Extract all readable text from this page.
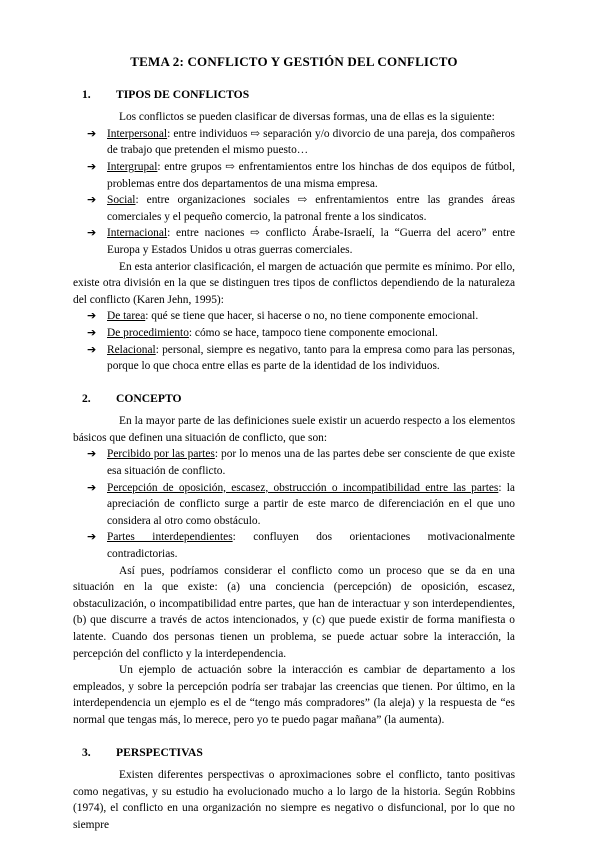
TEMA 2: CONFLICTO Y GESTIÓN DEL CONFLICTO
1.	TIPOS DE CONFLICTOS

Los conflictos se pueden clasificar de diversas formas, una de ellas es la siguiente:

➔ Interpersonal: entre individuos ⇨ separación y/o divorcio de una pareja, dos compañeros de trabajo que pretenden el mismo puesto…
➔ Intergrupal: entre grupos ⇨ enfrentamientos entre los hinchas de dos equipos de fútbol, problemas entre dos departamentos de una misma empresa.
➔ Social: entre organizaciones sociales ⇨ enfrentamientos entre las grandes áreas comerciales y el pequeño comercio, la patronal frente a los sindicatos.
➔ Internacional: entre naciones ⇨ conflicto Árabe-Israelí, la “Guerra del acero” entre Europa y Estados Unidos u otras guerras comerciales.

En esta anterior clasificación, el margen de actuación que permite es mínimo. Por ello, existe otra división en la que se distinguen tres tipos de conflictos dependiendo de la naturaleza del conflicto (Karen Jehn, 1995):

➔ De tarea: qué se tiene que hacer, si hacerse o no, no tiene componente emocional.
➔ De procedimiento: cómo se hace, tampoco tiene componente emocional.
➔ Relacional: personal, siempre es negativo, tanto para la empresa como para las personas, porque lo que choca entre ellas es parte de la identidad de los individuos.
2.	CONCEPTO

En la mayor parte de las definiciones suele existir un acuerdo respecto a los elementos básicos que definen una situación de conflicto, que son:

➔ Percibido por las partes: por lo menos una de las partes debe ser consciente de que existe esa situación de conflicto.
➔ Percepción de oposición, escasez, obstrucción o incompatibilidad entre las partes: la apreciación de conflicto surge a partir de este marco de diferenciación en el que uno considera al otro como obstáculo.
➔ Partes interdependientes: confluyen dos orientaciones motivacionalmente contradictorias.

Así pues, podríamos considerar el conflicto como un proceso que se da en una situación en la que existe: (a) una conciencia (percepción) de oposición, escasez, obstaculización, o incompatibilidad entre partes, que han de interactuar y son interdependientes, (b) que discurre a través de actos intencionados, y (c) que puede existir de forma manifiesta o latente. Cuando dos personas tienen un problema, se puede actuar sobre la interacción, la percepción del conflicto y la interdependencia.

Un ejemplo de actuación sobre la interacción es cambiar de departamento a los empleados, y sobre la percepción podría ser trabajar las creencias que tienen. Por último, en la interdependencia un ejemplo es el de “tengo más compradores” (la aleja) y la respuesta de “es normal que tengas más, lo merece, pero yo te puedo pagar mañana” (la aumenta).

3.	PERSPECTIVAS

Existen diferentes perspectivas o aproximaciones sobre el conflicto, tanto positivas como negativas, y su estudio ha evolucionado mucho a lo largo de la historia. Según Robbins (1974), el conflicto en una organización no siempre es negativo o disfuncional, por lo que no siempre
